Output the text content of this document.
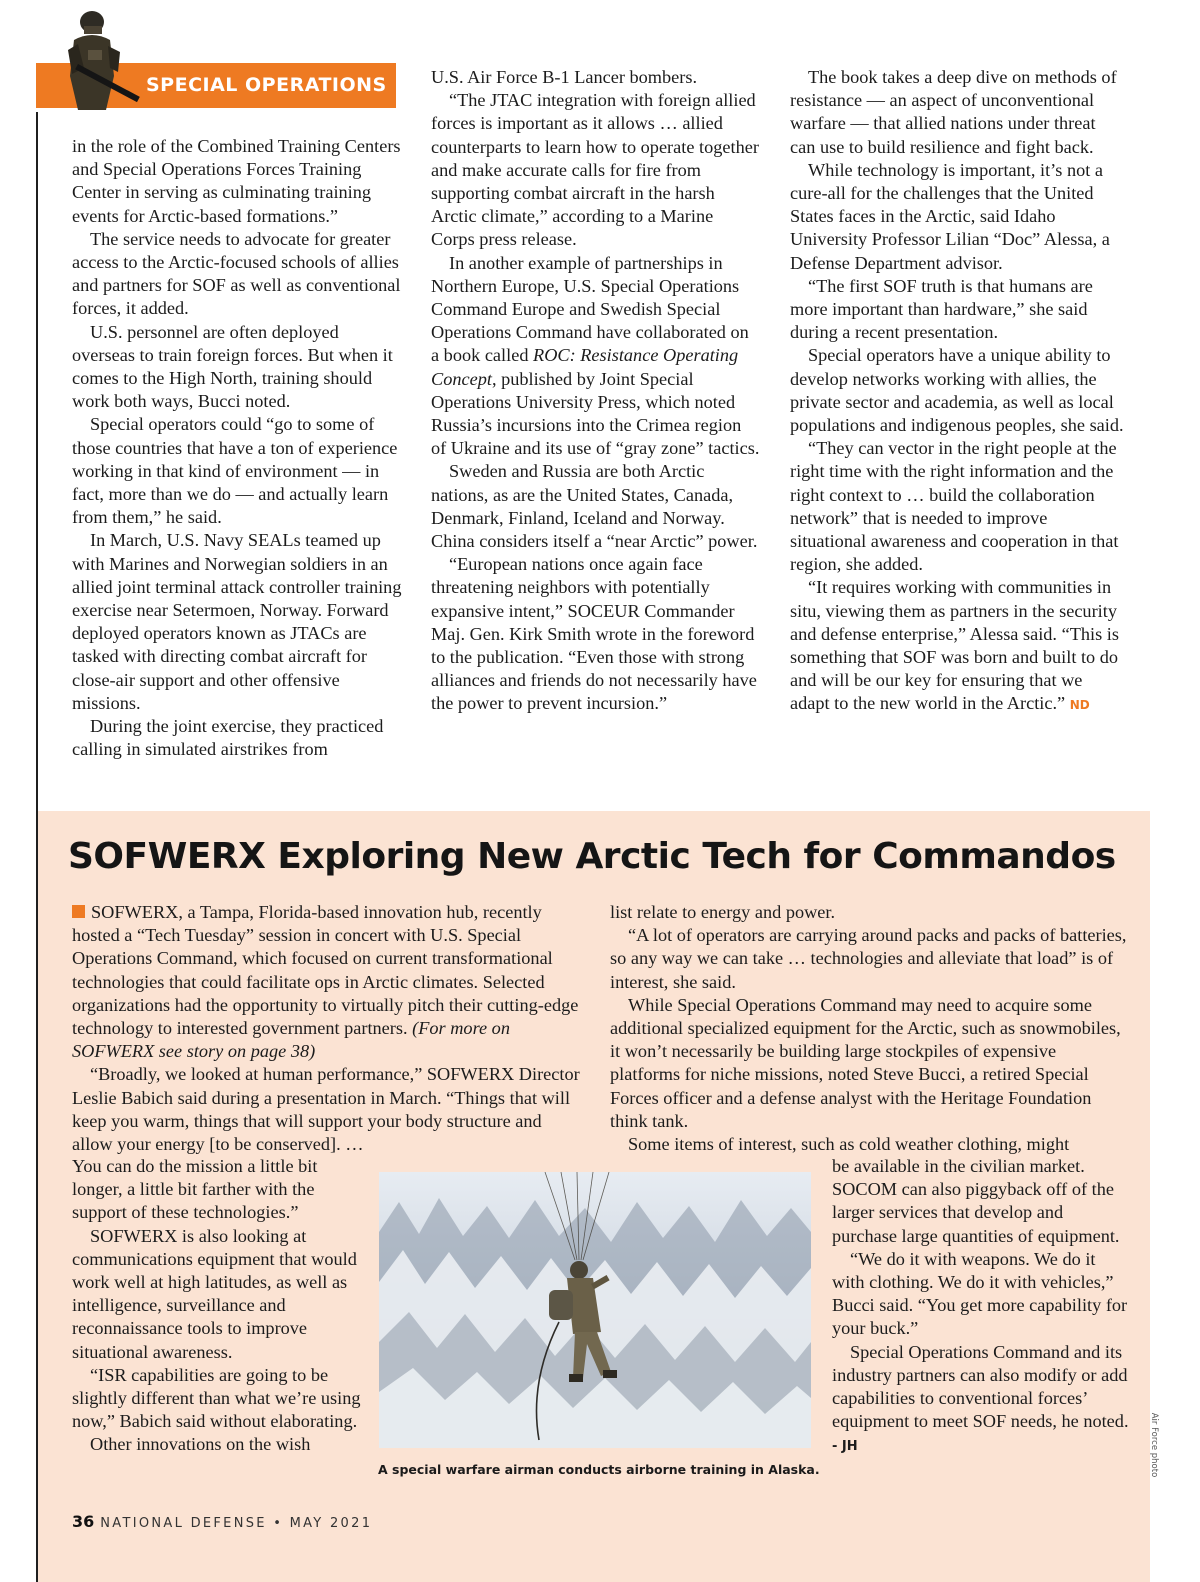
SPECIAL OPERATIONS

in the role of the Combined Training Centers and Special Operations Forces Training Center in serving as culminating training events for Arctic-based formations.”

The service needs to advocate for greater access to the Arctic-focused schools of allies and partners for SOF as well as conventional forces, it added.

U.S. personnel are often deployed overseas to train foreign forces. But when it comes to the High North, training should work both ways, Bucci noted.

Special operators could “go to some of those countries that have a ton of experience working in that kind of environment — in fact, more than we do — and actually learn from them,” he said.

In March, U.S. Navy SEALs teamed up with Marines and Norwegian soldiers in an allied joint terminal attack controller training exercise near Setermoen, Norway. Forward deployed operators known as JTACs are tasked with directing combat aircraft for close-air support and other offensive missions.

During the joint exercise, they practiced calling in simulated airstrikes from

U.S. Air Force B-1 Lancer bombers.

“The JTAC integration with foreign allied forces is important as it allows … allied counterparts to learn how to operate together and make accurate calls for fire from supporting combat aircraft in the harsh Arctic climate,” according to a Marine Corps press release.

In another example of partnerships in Northern Europe, U.S. Special Operations Command Europe and Swedish Special Operations Command have collaborated on a book called ROC: Resistance Operating Concept, published by Joint Special Operations University Press, which noted Russia’s incursions into the Crimea region of Ukraine and its use of “gray zone” tactics.

Sweden and Russia are both Arctic nations, as are the United States, Canada, Denmark, Finland, Iceland and Norway. China considers itself a “near Arctic” power.

“European nations once again face threatening neighbors with potentially expansive intent,” SOCEUR Commander Maj. Gen. Kirk Smith wrote in the foreword to the publication. “Even those with strong alliances and friends do not necessarily have the power to prevent incursion.”

The book takes a deep dive on methods of resistance — an aspect of unconventional warfare — that allied nations under threat can use to build resilience and fight back.

While technology is important, it’s not a cure-all for the challenges that the United States faces in the Arctic, said Idaho University Professor Lilian “Doc” Alessa, a Defense Department advisor.

“The first SOF truth is that humans are more important than hardware,” she said during a recent presentation.

Special operators have a unique ability to develop networks working with allies, the private sector and academia, as well as local populations and indigenous peoples, she said.

“They can vector in the right people at the right time with the right information and the right context to … build the collaboration network” that is needed to improve situational awareness and cooperation in that region, she added.

“It requires working with communities in situ, viewing them as partners in the security and defense enterprise,” Alessa said. “This is something that SOF was born and built to do and will be our key for ensuring that we adapt to the new world in the Arctic.” ND

SOFWERX Exploring New Arctic Tech for Commandos

SOFWERX, a Tampa, Florida-based innovation hub, recently hosted a “Tech Tuesday” session in concert with U.S. Special Operations Command, which focused on current transformational technologies that could facilitate ops in Arctic climates. Selected organizations had the opportunity to virtually pitch their cutting-edge technology to interested government partners. (For more on SOFWERX see story on page 38)

“Broadly, we looked at human performance,” SOFWERX Director Leslie Babich said during a presentation in March. “Things that will keep you warm, things that will support your body structure and allow your energy [to be conserved]. …

You can do the mission a little bit longer, a little bit farther with the support of these technologies.”

SOFWERX is also looking at communications equipment that would work well at high latitudes, as well as intelligence, surveillance and reconnaissance tools to improve situational awareness.

“ISR capabilities are going to be slightly different than what we’re using now,” Babich said without elaborating.

Other innovations on the wish

list relate to energy and power.

“A lot of operators are carrying around packs and packs of batteries, so any way we can take … technologies and alleviate that load” is of interest, she said.

While Special Operations Command may need to acquire some additional specialized equipment for the Arctic, such as snowmobiles, it won’t necessarily be building large stockpiles of expensive platforms for niche missions, noted Steve Bucci, a retired Special Forces officer and a defense analyst with the Heritage Foundation think tank.

Some items of interest, such as cold weather clothing, might

be available in the civilian market. SOCOM can also piggyback off of the larger services that develop and purchase large quantities of equipment.

“We do it with weapons. We do it with clothing. We do it with vehicles,” Bucci said. “You get more capability for your buck.”

Special Operations Command and its industry partners can also modify or add capabilities to conventional forces’ equipment to meet SOF needs, he noted. - JH

A special warfare airman conducts airborne training in Alaska.	Air Force photo
36 NATIONAL DEFENSE • MAY 2021
